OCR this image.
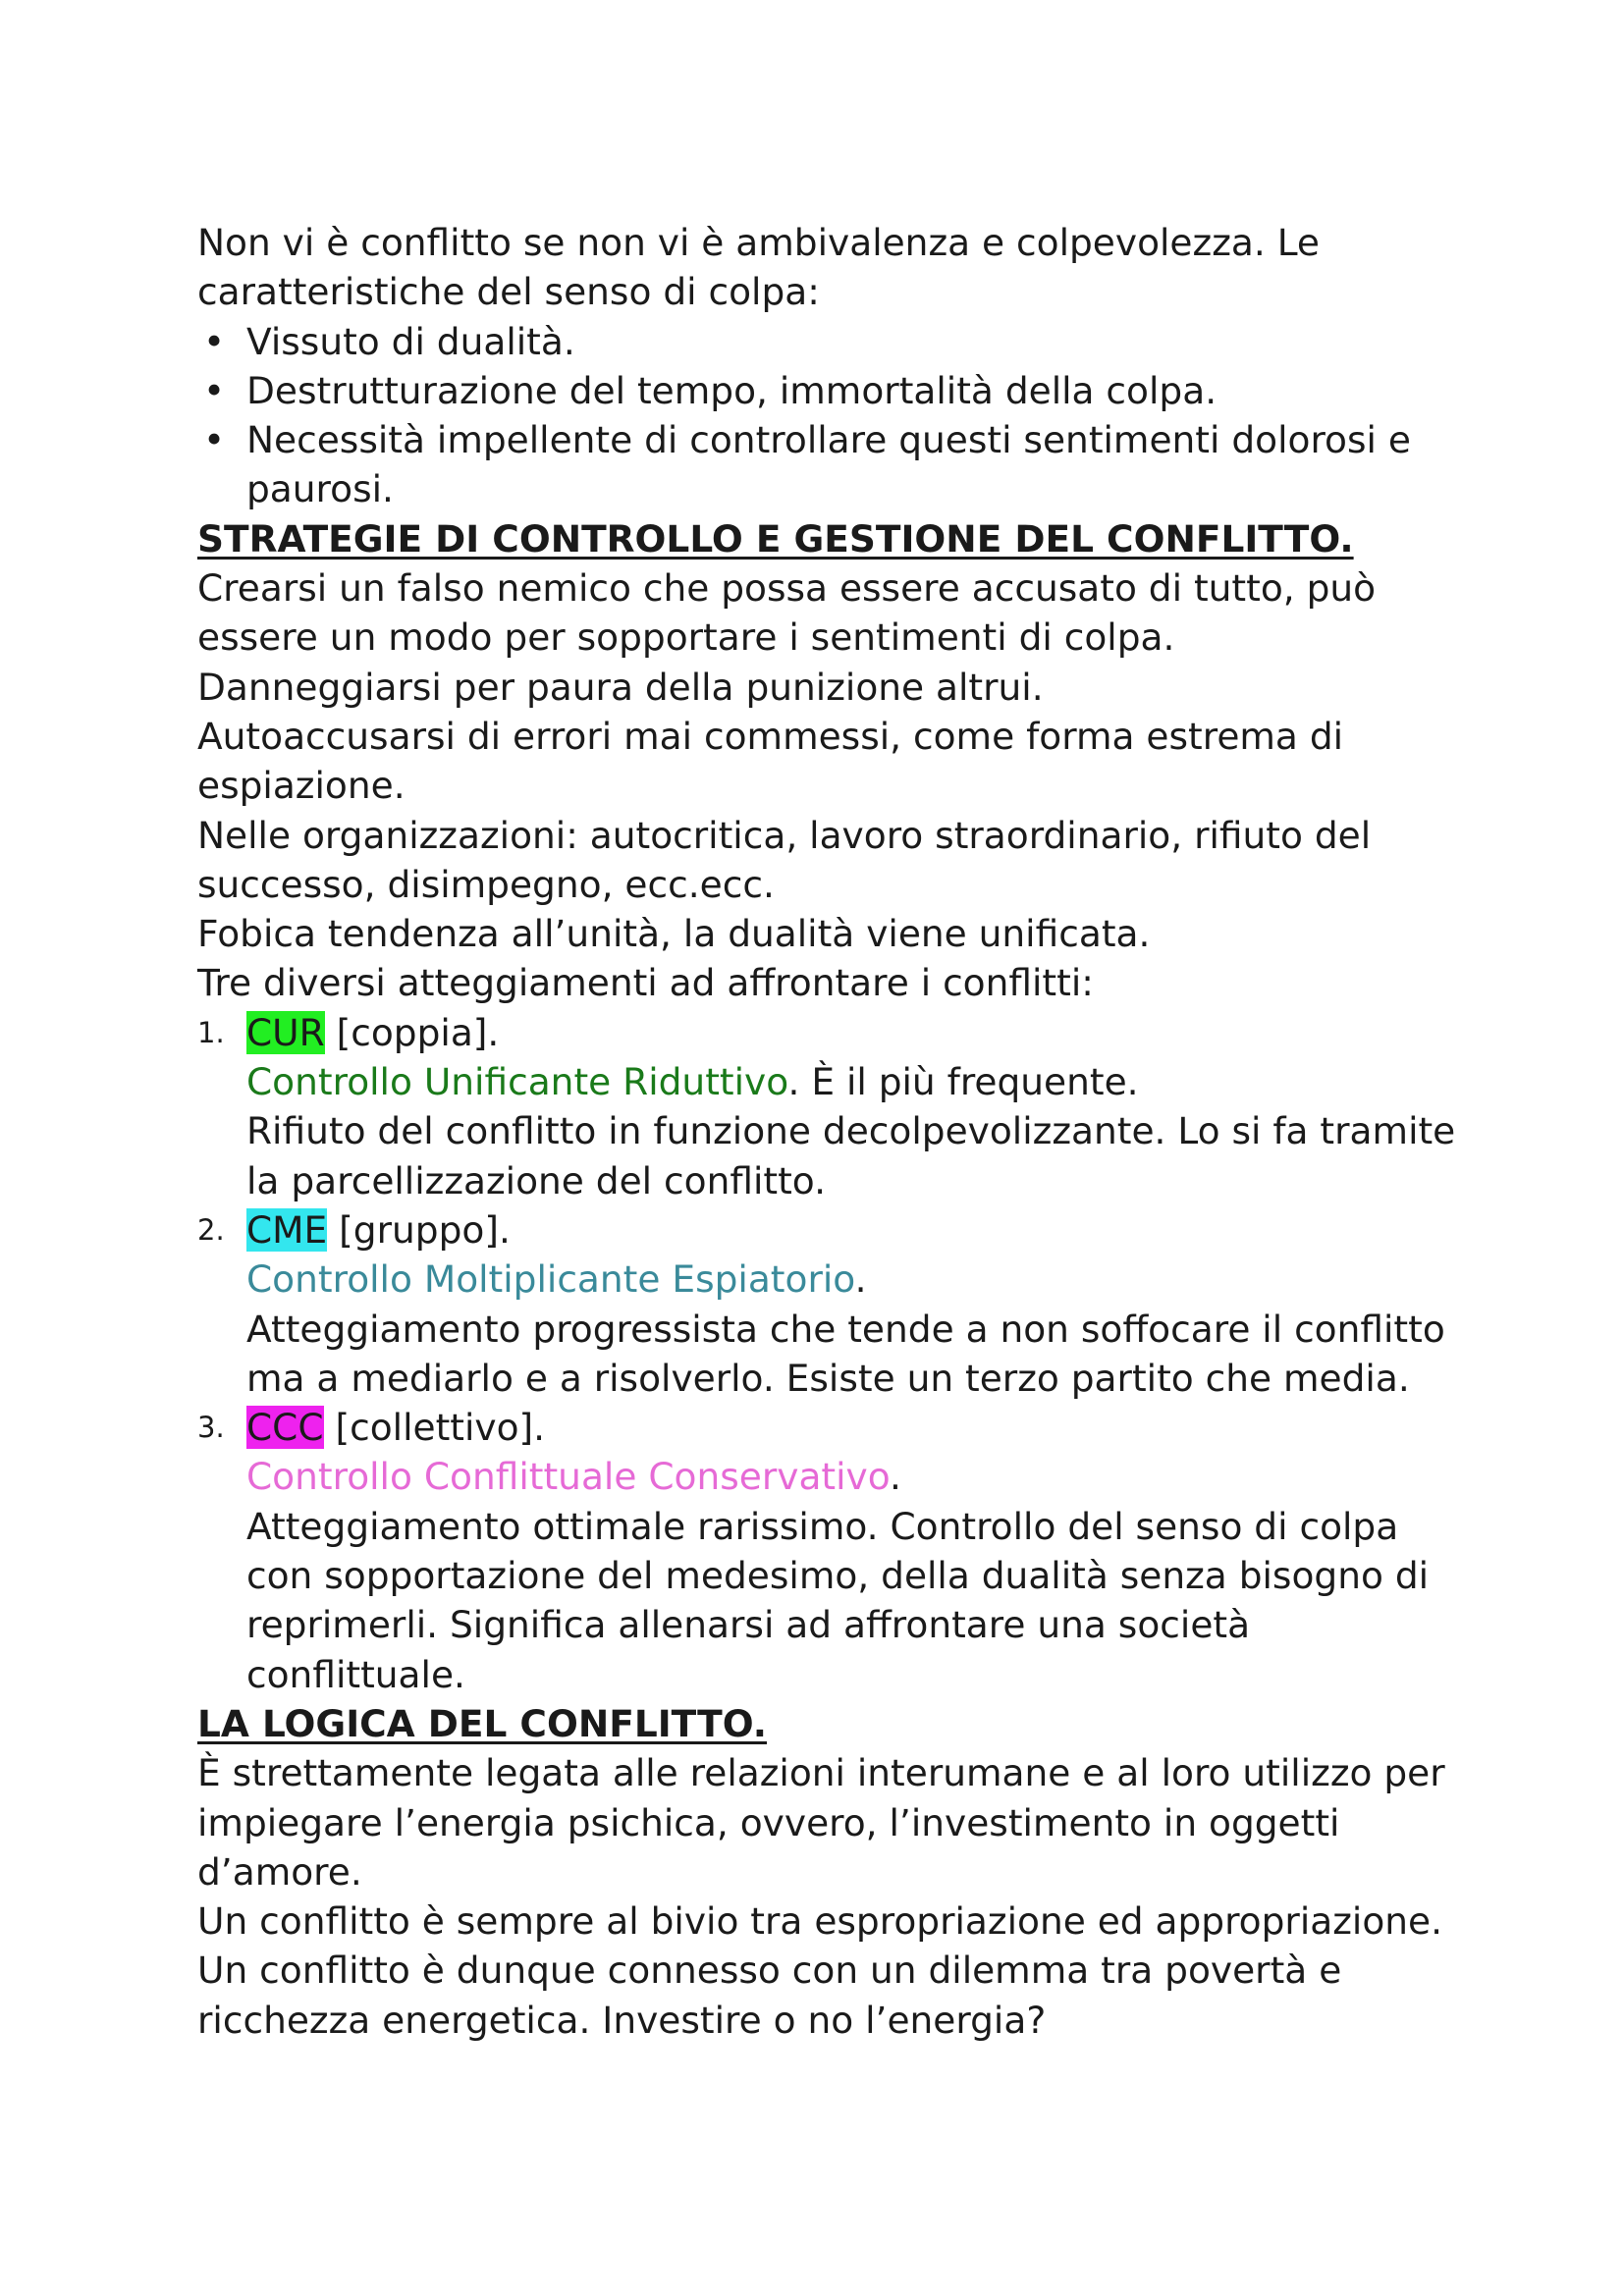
Non vi è conflitto se non vi è ambivalenza e colpevolezza. Le caratteristiche del senso di colpa:

• Vissuto di dualità.
• Destrutturazione del tempo, immortalità della colpa.
• Necessità impellente di controllare questi sentimenti dolorosi e paurosi.

STRATEGIE DI CONTROLLO E GESTIONE DEL CONFLITTO.

Crearsi un falso nemico che possa essere accusato di tutto, può essere un modo per sopportare i sentimenti di colpa.

Danneggiarsi per paura della punizione altrui.

Autoaccusarsi di errori mai commessi, come forma estrema di espiazione.

Nelle organizzazioni: autocritica, lavoro straordinario, rifiuto del successo, disimpegno, ecc.ecc.

Fobica tendenza all’unità, la dualità viene unificata.

Tre diversi atteggiamenti ad affrontare i conflitti:

1. CUR [coppia].
Controllo Unificante Riduttivo. È il più frequente.
Rifiuto del conflitto in funzione decolpevolizzante. Lo si fa tramite la parcellizzazione del conflitto.
2. CME [gruppo].
Controllo Moltiplicante Espiatorio.
Atteggiamento progressista che tende a non soffocare il conflitto ma a mediarlo e a risolverlo. Esiste un terzo partito che media.
3. CCC [collettivo].
Controllo Conflittuale Conservativo.
Atteggiamento ottimale rarissimo. Controllo del senso di colpa con sopportazione del medesimo, della dualità senza bisogno di reprimerli. Significa allenarsi ad affrontare una società conflittuale.

LA LOGICA DEL CONFLITTO.

È strettamente legata alle relazioni interumane e al loro utilizzo per impiegare l’energia psichica, ovvero, l’investimento in oggetti d’amore.

Un conflitto è sempre al bivio tra espropriazione ed appropriazione. Un conflitto è dunque connesso con un dilemma tra povertà e ricchezza energetica. Investire o no l’energia?
